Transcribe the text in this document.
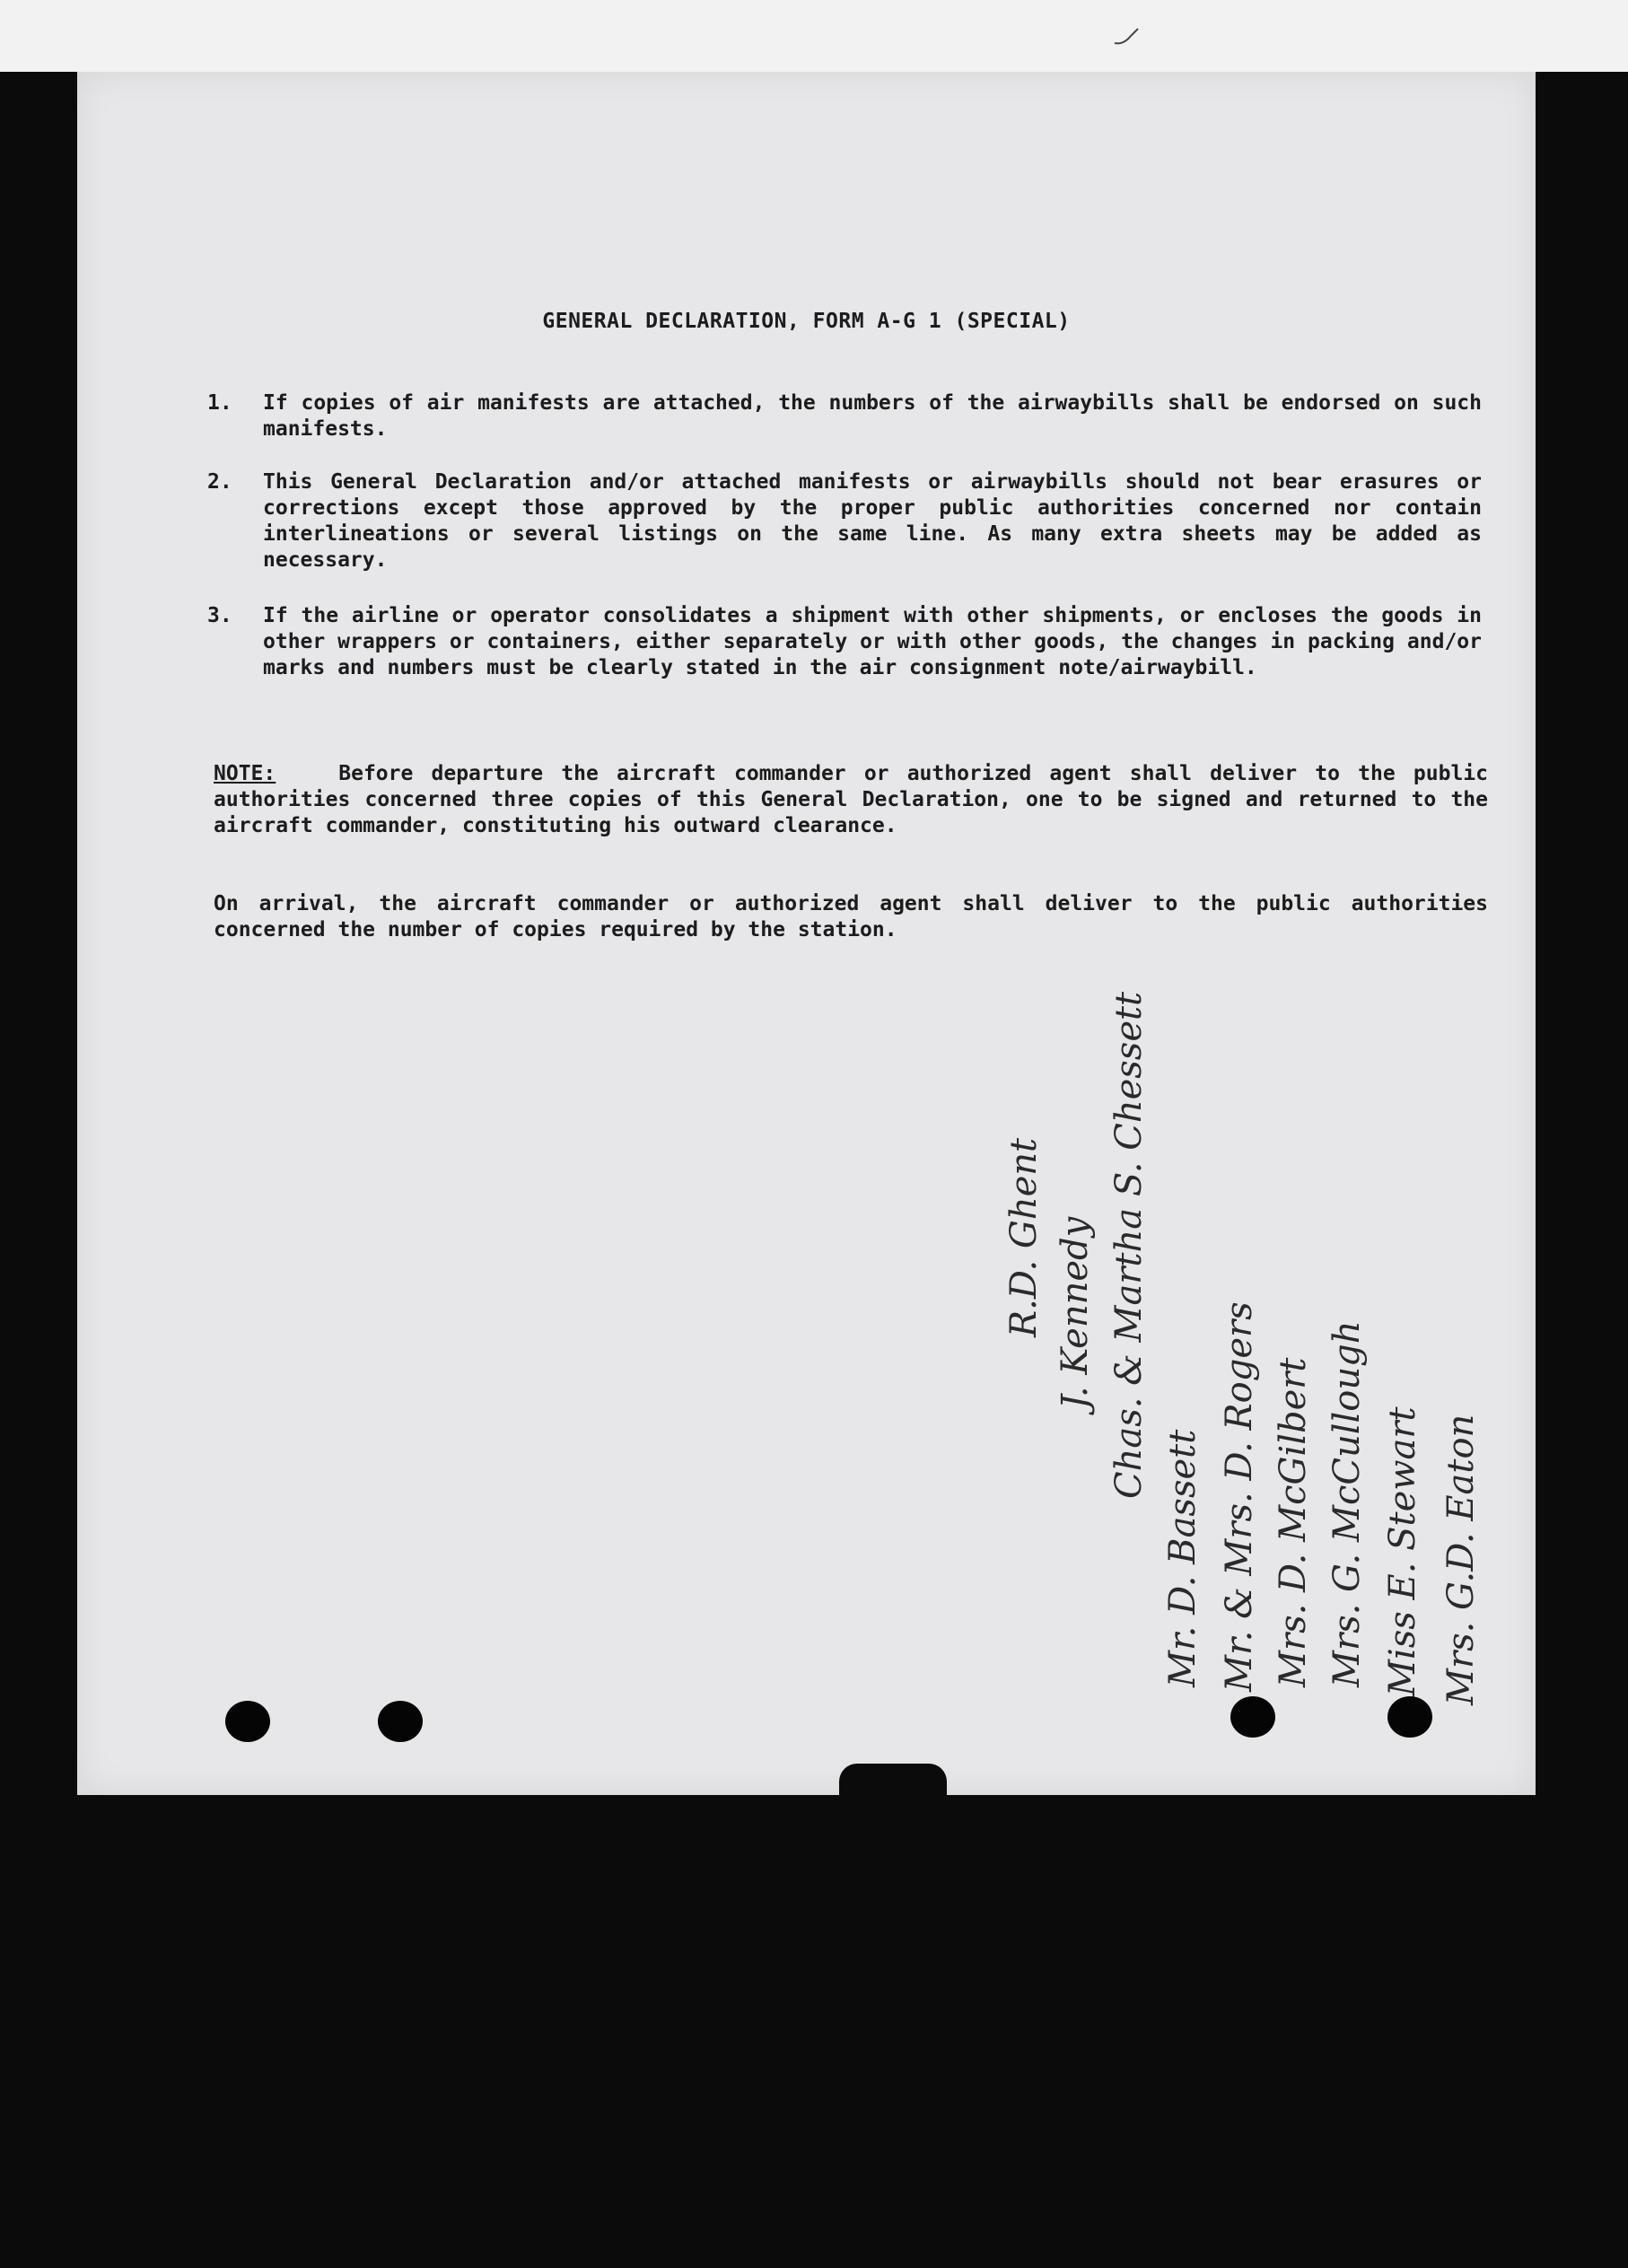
GENERAL DECLARATION, FORM A-G 1 (SPECIAL)
1.	If copies of air manifests are attached, the numbers of the airwaybills shall be endorsed on such manifests.
2.	This General Declaration and/or attached manifests or airwaybills should not bear erasures or corrections except those approved by the proper public authorities concerned nor contain interlineations or several listings on the same line. As many extra sheets may be added as necessary.
3.	If the airline or operator consolidates a shipment with other shipments, or encloses the goods in other wrappers or containers, either separately or with other goods, the changes in packing and/or marks and numbers must be clearly stated in the air consignment note/airwaybill.
NOTE:	Before departure the aircraft commander or authorized agent shall deliver to the public authorities concerned three copies of this General Declaration, one to be signed and returned to the aircraft commander, constituting his outward clearance.
On arrival, the aircraft commander or authorized agent shall deliver to the public authorities concerned the number of copies required by the station.
Mrs. G.D. Eaton
Miss E. Stewart
Mrs. G. McCullough
Mrs. D. McGilbert
Mr. & Mrs. D. Rogers
Mr. D. Bassett
Chas. & Martha S. Chessett
J. Kennedy
R.D. Ghent
